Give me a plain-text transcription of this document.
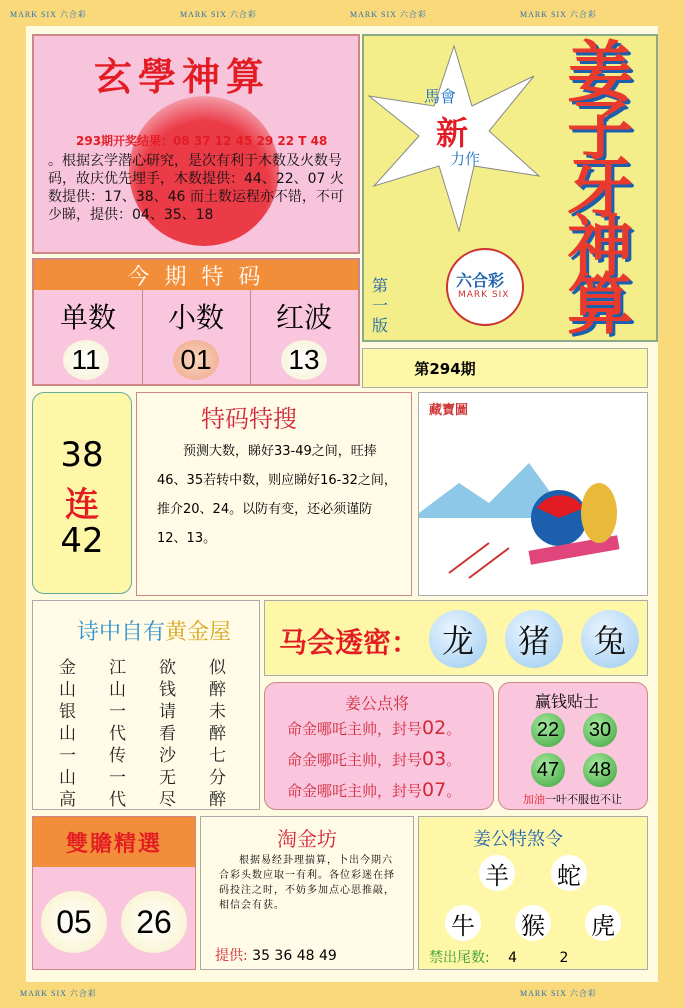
MARK SIX 六合彩	MARK SIX 六合彩	MARK SIX 六合彩	MARK SIX 六合彩
MARK SIX 六合彩	MARK SIX 六合彩
玄學神算
293期开奖结果：08 37 12 45 29 22 T 48
。根据玄学潜心研究，是次有利于木数及火数号码，故庆优先埋手，木数提供：44、22、07 火数提供：17、38、46 而土数运程亦不错，不可少睇，提供：04、35、18
馬會
新
力作
姜
子
牙
神
算
第一版
六合彩
MARK SIX
今 期 特 码
单数
11
小数
01
红波
13	第294期
38
连
42
特码特搜
预测大数，睇好33-49之间，旺捧46、35若转中数，则应睇好16-32之间，推介20、24。以防有变，还必须谨防12、13。
藏寶圖
诗中自有黄金屋
金 江 欲 似
山 山 钱 醉
银 一 请 未
山 代 看 醉
一 传 沙 七
山 一 无 分
高 代 尽 醉
马会透密： 龙	猪	兔
姜公点将
命金哪吒主帅，封号02。
命金哪吒主帅，封号03。
命金哪吒主帅，封号07。
赢钱贴士
22 30
47 48
加油一叶不服也不让
雙贍精選
05	26
淘金坊
根据易经卦理揣算，卜出今期六合彩头数应取一有利。各位彩迷在择码投注之时，不妨多加点心思推敲，相信会有获。
提供: 35 36 48 49
姜公特煞令
羊 蛇
牛 猴 虎
禁出尾数: 4	2
